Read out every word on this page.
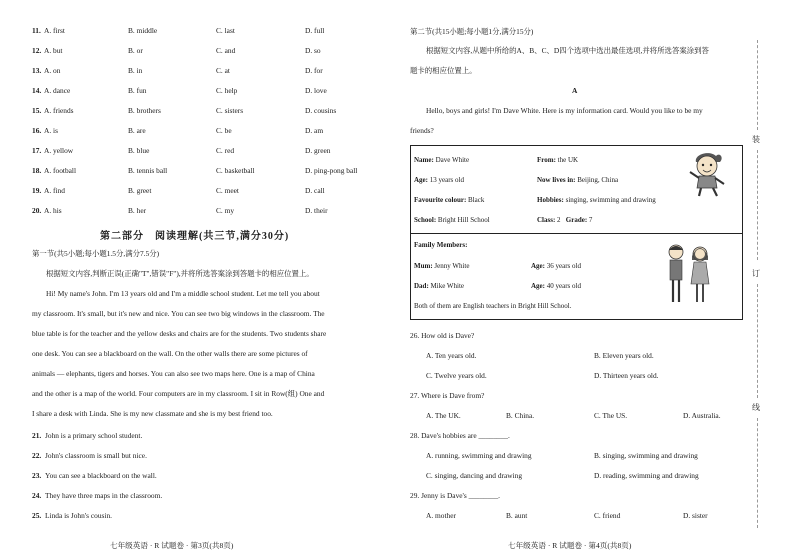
11. A. first	B. middle	C. last	D. full
12. A. but	B. or	C. and	D. so
13. A. on	B. in	C. at	D. for
14. A. dance	B. fun	C. help	D. love
15. A. friends	B. brothers	C. sisters	D. cousins
16. A. is	B. are	C. be	D. am
17. A. yellow	B. blue	C. red	D. green
18. A. football	B. tennis ball	C. basketball	D. ping-pong ball
19. A. find	B. greet	C. meet	D. call
20. A. his	B. her	C. my	D. their
第二部分　阅读理解(共三节,满分30分)
第一节(共5小题;每小题1.5分,满分7.5分)
根据短文内容,判断正误(正确"T",错误"F"),并将所选答案涂到答题卡的相应位置上。

Hi! My name's John. I'm 13 years old and I'm a middle school student. Let me tell you about

my classroom. It's small, but it's new and nice. You can see two big windows in the classroom. The

blue table is for the teacher and the yellow desks and chairs are for the students. Two students share

one desk. You can see a blackboard on the wall. On the other walls there are some pictures of

animals — elephants, tigers and horses. You can also see two maps here. One is a map of China

and the other is a map of the world. Four computers are in my classroom. I sit in Row(组) One and

I share a desk with Linda. She is my new classmate and she is my best friend too.

21. John is a primary school student.
22. John's classroom is small but nice.
23. You can see a blackboard on the wall.
24. They have three maps in the classroom.
25. Linda is John's cousin.
七年级英语 · R 试题卷 · 第3页(共8页)
第二节(共15小题;每小题1分,满分15分)
根据短文内容,从题中所给的A、B、C、D四个选项中选出最佳选项,并将所选答案涂到答
题卡的相应位置上。
A
Hello, boys and girls! I'm Dave White. Here is my information card. Would you like to be my
friends?
Name: Dave White	From: the UK
Age: 13 years old	Now lives in: Beijing, China
Favourite colour: Black	Hobbies: singing, swimming and drawing
School: Bright Hill School	Class: 2 Grade: 7
Family Members:
Mum: Jenny White	Age: 36 years old
Dad: Mike White	Age: 40 years old
Both of them are English teachers in Bright Hill School.
26. How old is Dave?
A. Ten years old.	B. Eleven years old.
C. Twelve years old.	D. Thirteen years old.
27. Where is Dave from?
A. The UK.	B. China.	C. The US.	D. Australia.
28. Dave's hobbies are ________.
A. running, swimming and drawing	B. singing, swimming and drawing
C. singing, dancing and drawing	D. reading, swimming and drawing
29. Jenny is Dave's ________.
A. mother	B. aunt	C. friend	D. sister
七年级英语 · R 试题卷 · 第4页(共8页)
装
订
线
